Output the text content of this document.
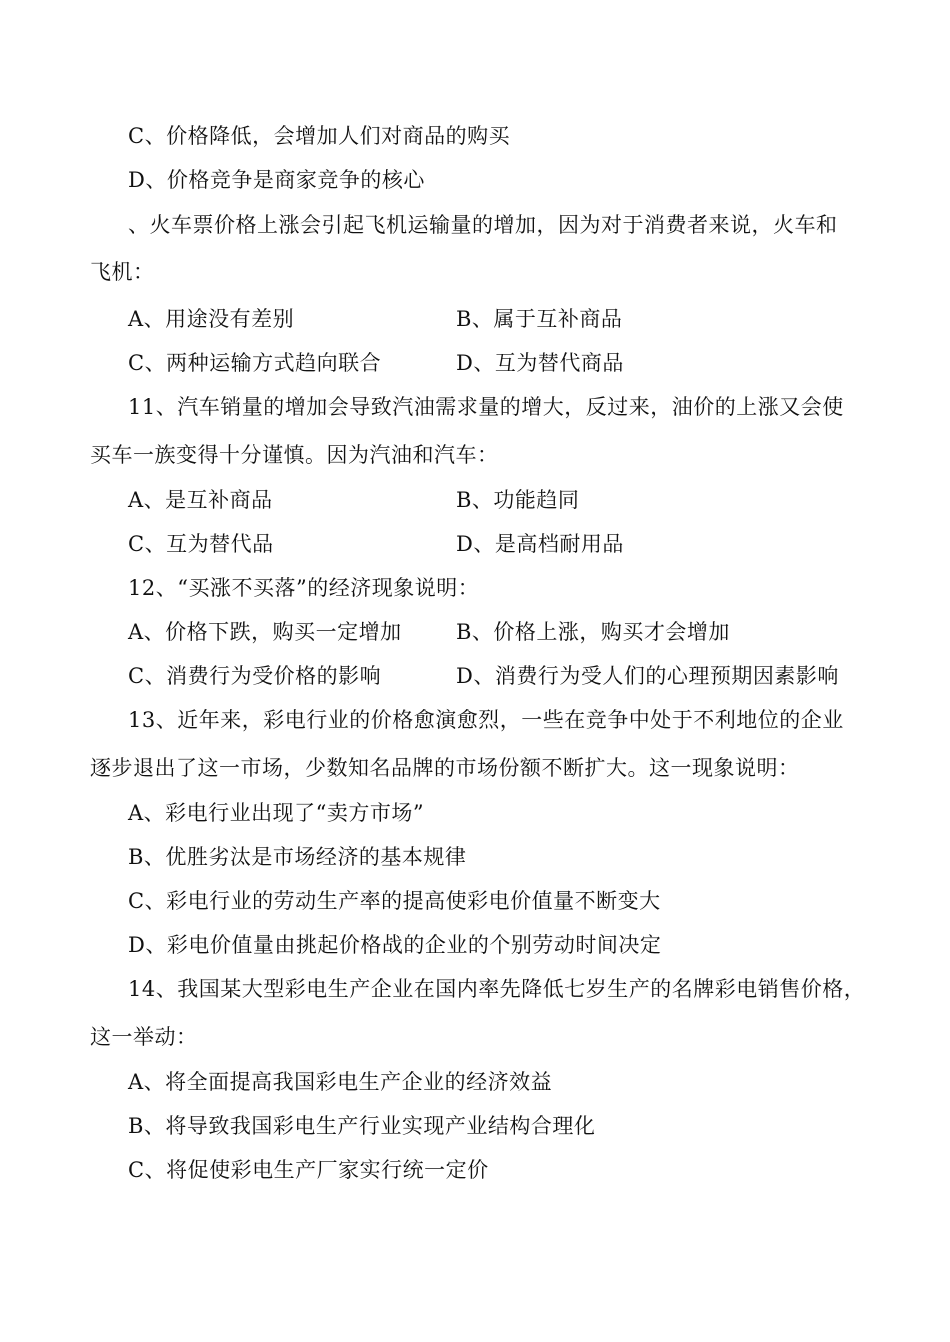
C、价格降低，会增加人们对商品的购买
D、价格竞争是商家竞争的核心
、火车票价格上涨会引起飞机运输量的增加，因为对于消费者来说，火车和
飞机：
A、用途没有差别	B、属于互补商品
C、两种运输方式趋向联合	D、互为替代商品
11、汽车销量的增加会导致汽油需求量的增大，反过来，油价的上涨又会使
买车一族变得十分谨慎。因为汽油和汽车：
A、是互补商品	B、功能趋同
C、互为替代品	D、是高档耐用品
12、“买涨不买落”的经济现象说明：
A、价格下跌，购买一定增加	B、价格上涨，购买才会增加
C、消费行为受价格的影响	D、消费行为受人们的心理预期因素影响
13、近年来，彩电行业的价格愈演愈烈，一些在竞争中处于不利地位的企业
逐步退出了这一市场，少数知名品牌的市场份额不断扩大。这一现象说明：
A、彩电行业出现了“卖方市场”
B、优胜劣汰是市场经济的基本规律
C、彩电行业的劳动生产率的提高使彩电价值量不断变大
D、彩电价值量由挑起价格战的企业的个别劳动时间决定
14、我国某大型彩电生产企业在国内率先降低七岁生产的名牌彩电销售价格，
这一举动：
A、将全面提高我国彩电生产企业的经济效益
B、将导致我国彩电生产行业实现产业结构合理化
C、将促使彩电生产厂家实行统一定价
